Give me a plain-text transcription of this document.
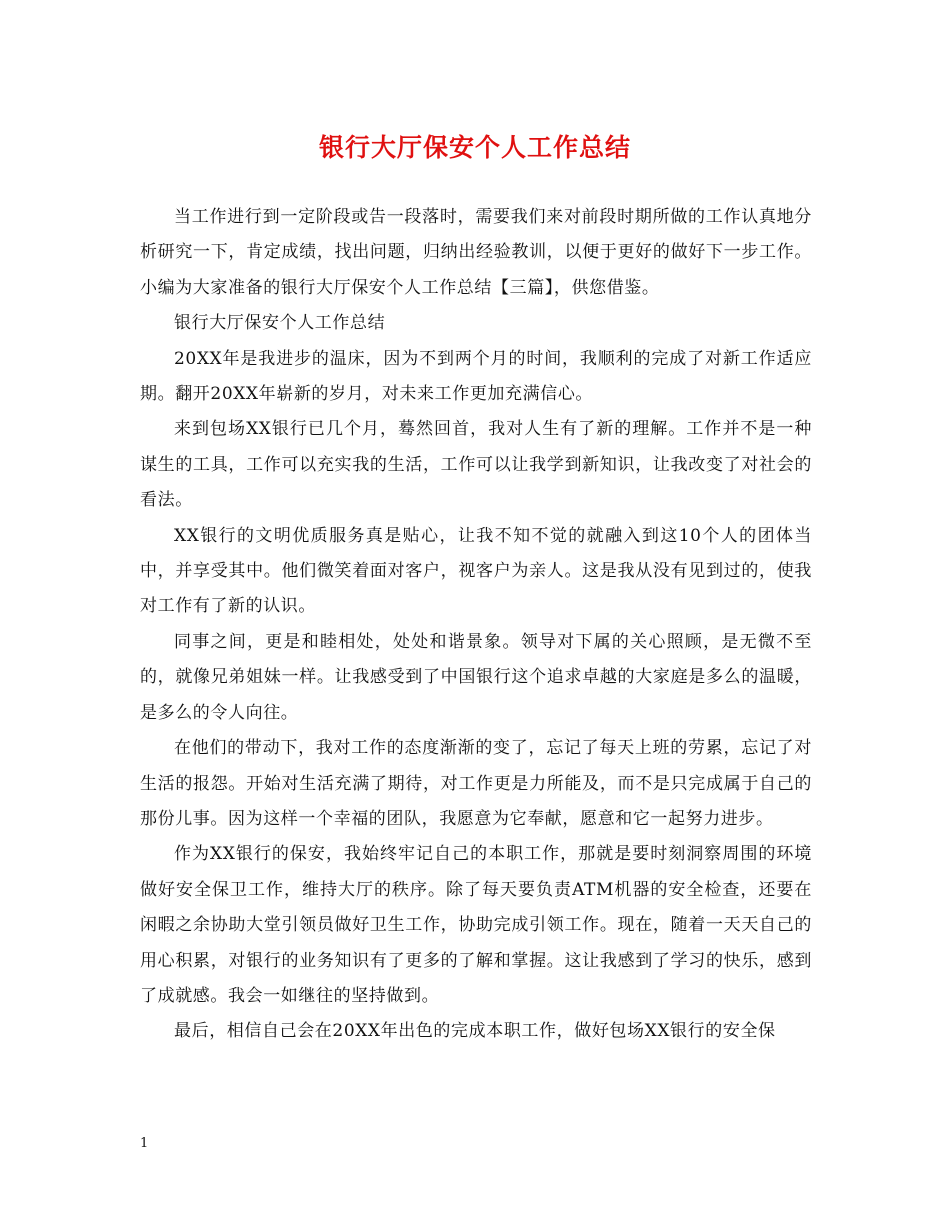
银行大厅保安个人工作总结

当工作进行到一定阶段或告一段落时，需要我们来对前段时期所做的工作认真地分析研究一下，肯定成绩，找出问题，归纳出经验教训，以便于更好的做好下一步工作。小编为大家准备的银行大厅保安个人工作总结【三篇】，供您借鉴。

银行大厅保安个人工作总结

20XX年是我进步的温床，因为不到两个月的时间，我顺利的完成了对新工作适应期。翻开20XX年崭新的岁月，对未来工作更加充满信心。

来到包场XX银行已几个月，蓦然回首，我对人生有了新的理解。工作并不是一种谋生的工具，工作可以充实我的生活，工作可以让我学到新知识，让我改变了对社会的看法。

XX银行的文明优质服务真是贴心，让我不知不觉的就融入到这10个人的团体当中，并享受其中。他们微笑着面对客户，视客户为亲人。这是我从没有见到过的，使我对工作有了新的认识。

同事之间，更是和睦相处，处处和谐景象。领导对下属的关心照顾，是无微不至的，就像兄弟姐妹一样。让我感受到了中国银行这个追求卓越的大家庭是多么的温暖，是多么的令人向往。

在他们的带动下，我对工作的态度渐渐的变了，忘记了每天上班的劳累，忘记了对生活的报怨。开始对生活充满了期待，对工作更是力所能及，而不是只完成属于自己的那份儿事。因为这样一个幸福的团队，我愿意为它奉献，愿意和它一起努力进步。

作为XX银行的保安，我始终牢记自己的本职工作，那就是要时刻洞察周围的环境做好安全保卫工作，维持大厅的秩序。除了每天要负责ATM机器的安全检查，还要在闲暇之余协助大堂引领员做好卫生工作，协助完成引领工作。现在，随着一天天自己的用心积累，对银行的业务知识有了更多的了解和掌握。这让我感到了学习的快乐，感到了成就感。我会一如继往的坚持做到。

最后，相信自己会在20XX年出色的完成本职工作，做好包场XX银行的安全保

1
